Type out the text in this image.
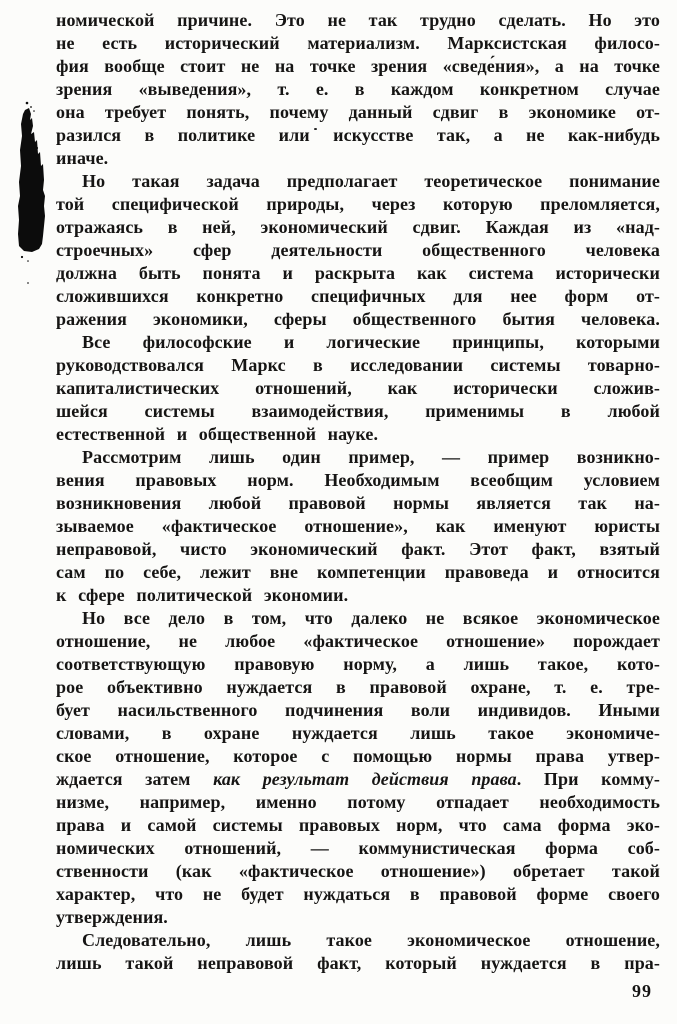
номической причине. Это не так трудно сделать. Но это
не есть исторический материализм. Марксистская филосо-
фия вообще стоит не на точке зрения «сведе́ния», а на точке
зрения «выведения», т. е. в каждом конкретном случае
она требует понять, почему данный сдвиг в экономике от-
разился в политике или искусстве так, а не как-нибудь
иначе.
Но такая задача предполагает теоретическое понимание
той специфической природы, через которую преломляется,
отражаясь в ней, экономический сдвиг. Каждая из «над-
строечных» сфер деятельности общественного человека
должна быть понята и раскрыта как система исторически
сложившихся конкретно специфичных для нее форм от-
ражения экономики, сферы общественного бытия человека.
Все философские и логические принципы, которыми
руководствовался Маркс в исследовании системы товарно-
капиталистических отношений, как исторически сложив-
шейся системы взаимодействия, применимы в любой
естественной и общественной науке.
Рассмотрим лишь один пример, — пример возникно-
вения правовых норм. Необходимым всеобщим условием
возникновения любой правовой нормы является так на-
зываемое «фактическое отношение», как именуют юристы
неправовой, чисто экономический факт. Этот факт, взятый
сам по себе, лежит вне компетенции правоведа и относится
к сфере политической экономии.
Но все дело в том, что далеко не всякое экономическое
отношение, не любое «фактическое отношение» порождает
соответствующую правовую норму, а лишь такое, кото-
рое объективно нуждается в правовой охране, т. е. тре-
бует насильственного подчинения воли индивидов. Иными
словами, в охране нуждается лишь такое экономиче-
ское отношение, которое с помощью нормы права утвер-
ждается затем как результат действия права. При комму-
низме, например, именно потому отпадает необходимость
права и самой системы правовых норм, что сама форма эко-
номических отношений, — коммунистическая форма соб-
ственности (как «фактическое отношение») обретает такой
характер, что не будет нуждаться в правовой форме своего
утверждения.
Следовательно, лишь такое экономическое отношение,
лишь такой неправовой факт, который нуждается в пра-
99
